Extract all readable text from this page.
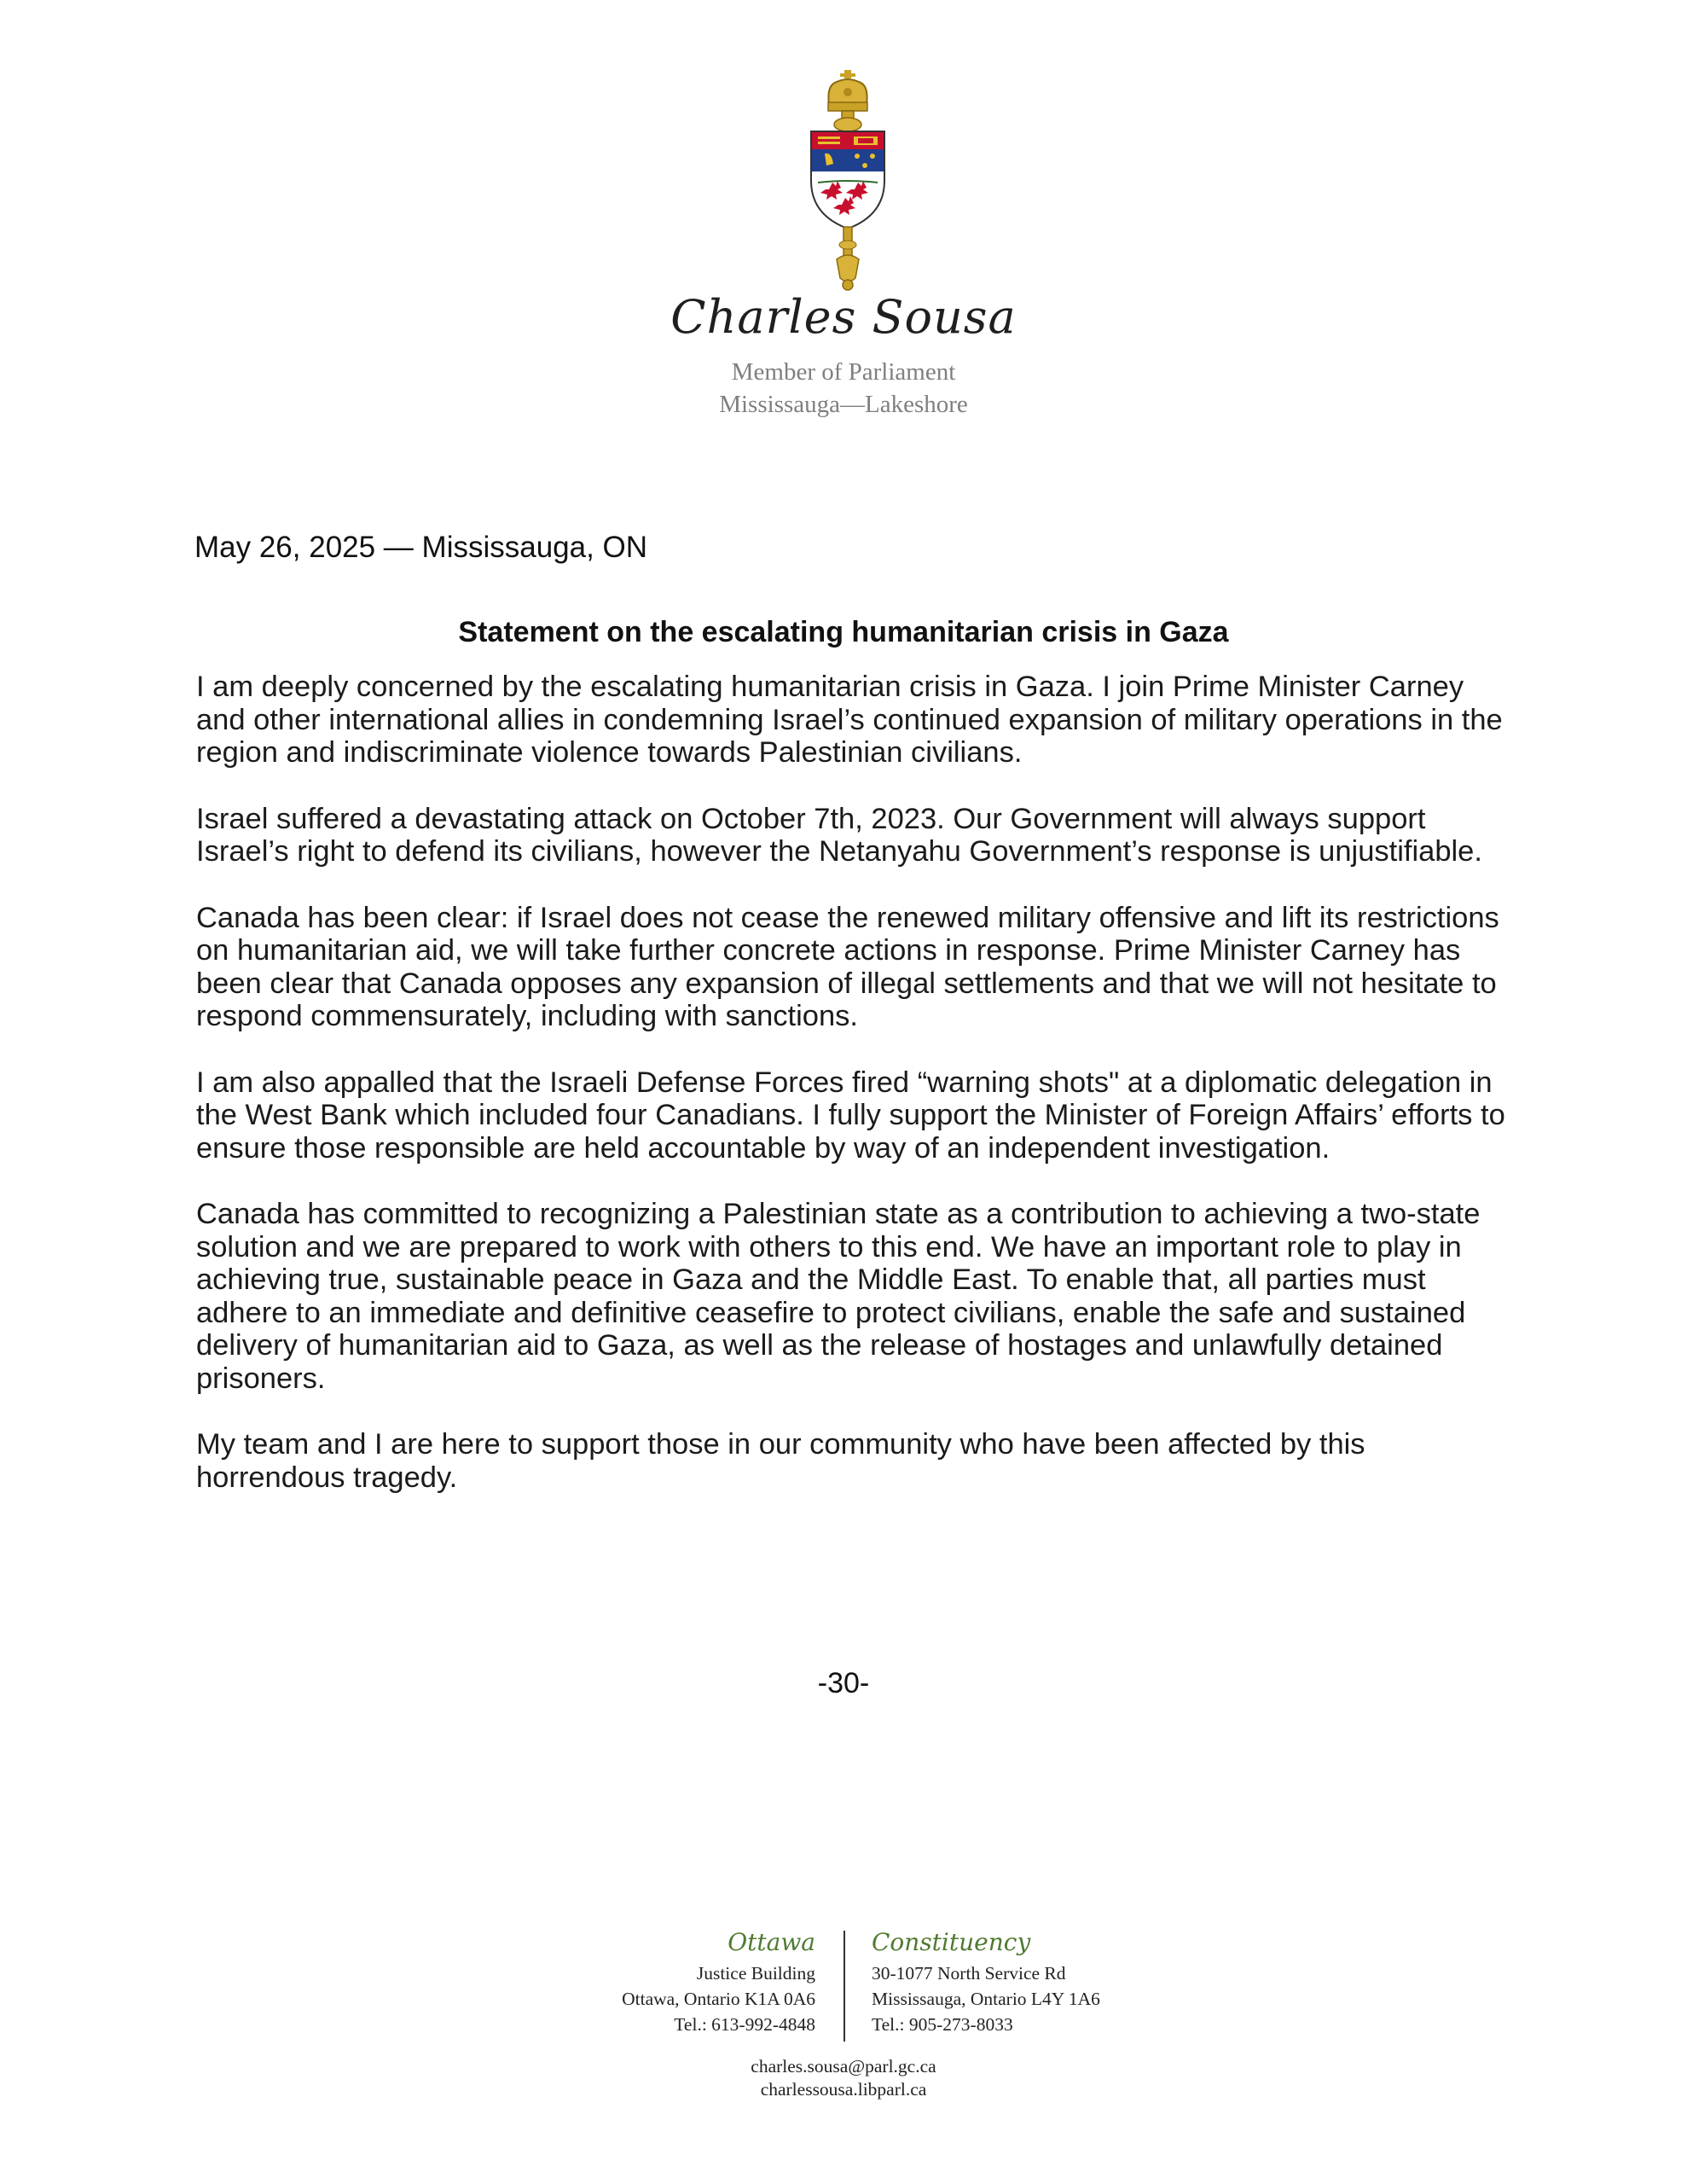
Charles Sousa
Member of Parliament
Mississauga—Lakeshore
May 26, 2025 — Mississauga, ON
Statement on the escalating humanitarian crisis in Gaza

I am deeply concerned by the escalating humanitarian crisis in Gaza. I join Prime Minister Carney and other international allies in condemning Israel’s continued expansion of military operations in the region and indiscriminate violence towards Palestinian civilians.

Israel suffered a devastating attack on October 7th, 2023. Our Government will always support Israel’s right to defend its civilians, however the Netanyahu Government’s response is unjustifiable.

Canada has been clear: if Israel does not cease the renewed military offensive and lift its restrictions on humanitarian aid, we will take further concrete actions in response. Prime Minister Carney has been clear that Canada opposes any expansion of illegal settlements and that we will not hesitate to respond commensurately, including with sanctions.

I am also appalled that the Israeli Defense Forces fired “warning shots" at a diplomatic delegation in the West Bank which included four Canadians. I fully support the Minister of Foreign Affairs’ efforts to ensure those responsible are held accountable by way of an independent investigation.

Canada has committed to recognizing a Palestinian state as a contribution to achieving a two-state solution and we are prepared to work with others to this end. We have an important role to play in achieving true, sustainable peace in Gaza and the Middle East. To enable that, all parties must adhere to an immediate and definitive ceasefire to protect civilians, enable the safe and sustained delivery of humanitarian aid to Gaza, as well as the release of hostages and unlawfully detained prisoners.

My team and I are here to support those in our community who have been affected by this horrendous tragedy.

-30-
Ottawa
Justice Building
Ottawa, Ontario K1A 0A6
Tel.: 613-992-4848
Constituency
30-1077 North Service Rd
Mississauga, Ontario L4Y 1A6
Tel.: 905-273-8033
charles.sousa@parl.gc.ca
charlessousa.libparl.ca
